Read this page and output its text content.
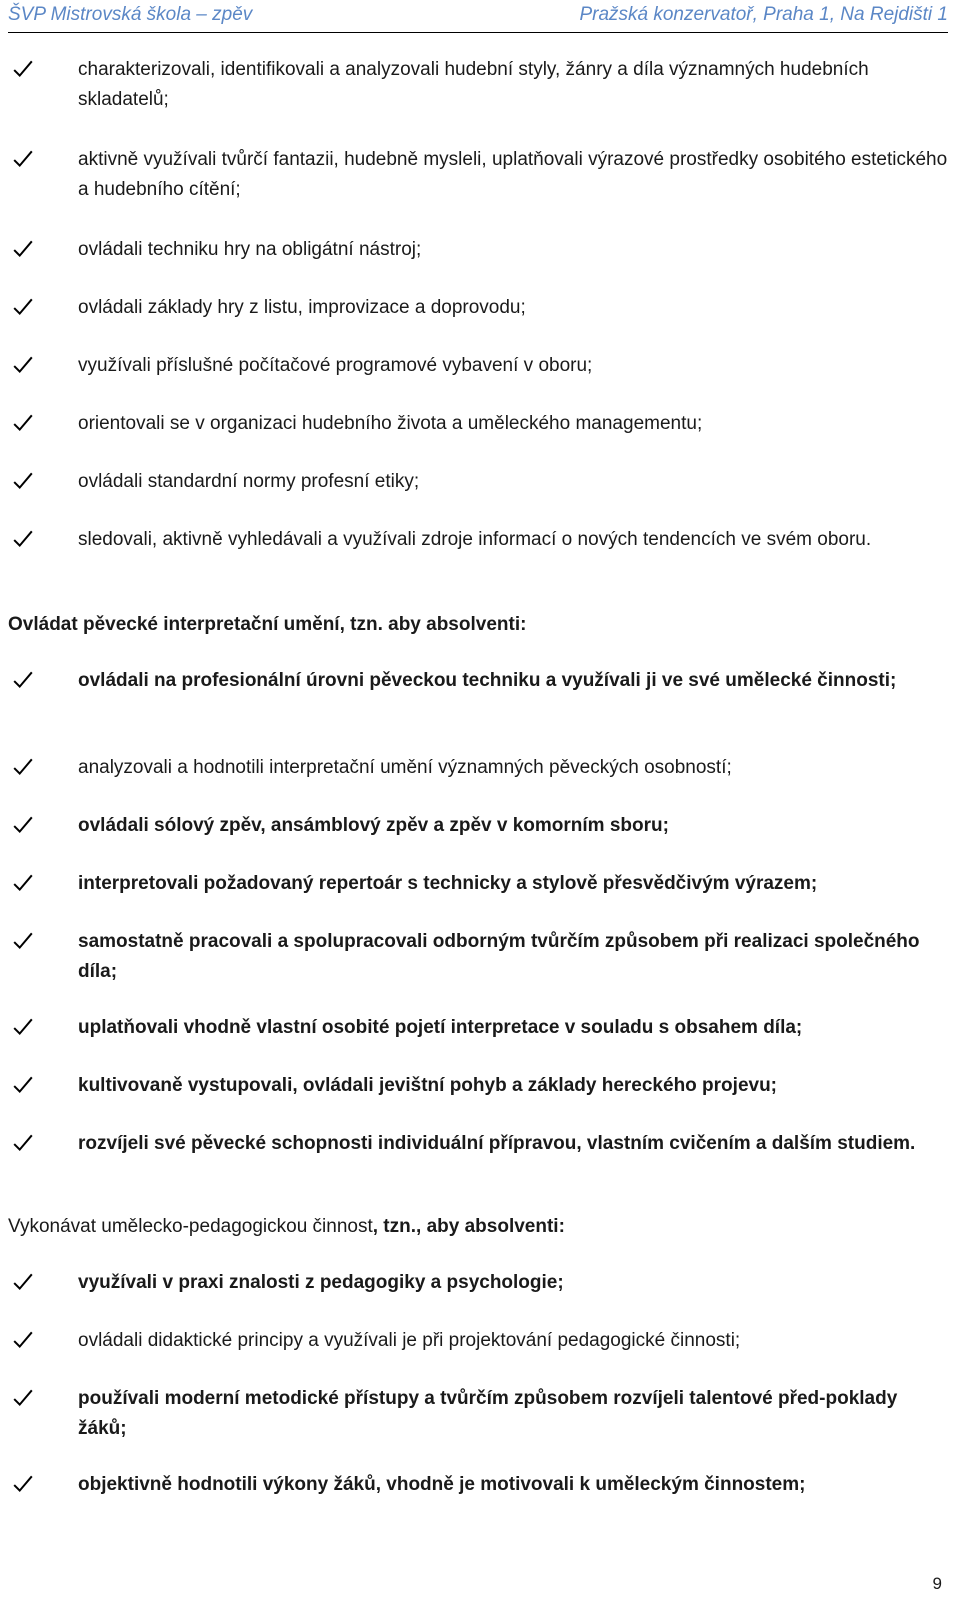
ŠVP Mistrovská škola – zpěv	Pražská konzervatoř, Praha 1, Na Rejdišti 1
charakterizovali, identifikovali a analyzovali hudební styly, žánry a díla významných hudebních skladatelů;
aktivně využívali tvůrčí fantazii, hudebně mysleli, uplatňovali výrazové prostředky osobitého estetického a hudebního cítění;
ovládali techniku hry na obligátní nástroj;
ovládali základy hry z listu, improvizace a doprovodu;
využívali příslušné počítačové programové vybavení v oboru;
orientovali se v organizaci hudebního života a uměleckého managementu;
ovládali standardní normy profesní etiky;
sledovali, aktivně vyhledávali a využívali zdroje informací o nových tendencích ve svém oboru.
Ovládat pěvecké interpretační umění, tzn. aby absolventi:
ovládali na profesionální úrovni pěveckou techniku a využívali ji ve své umělecké činnosti;
analyzovali a hodnotili interpretační umění významných pěveckých osobností;
ovládali sólový zpěv, ansámblový zpěv a zpěv v komorním sboru;
interpretovali požadovaný repertoár s technicky a stylově přesvědčivým výrazem;
samostatně pracovali a spolupracovali odborným tvůrčím způsobem při realizaci společného díla;
uplatňovali vhodně vlastní osobité pojetí interpretace v souladu s obsahem díla;
kultivovaně vystupovali, ovládali jevištní pohyb a základy hereckého projevu;
rozvíjeli své pěvecké schopnosti individuální přípravou, vlastním cvičením a dalším studiem.
Vykonávat umělecko-pedagogickou činnost, tzn., aby absolventi:
využívali v praxi znalosti z pedagogiky a psychologie;
ovládali didaktické principy a využívali je při projektování pedagogické činnosti;
používali moderní metodické přístupy a tvůrčím způsobem rozvíjeli talentové před-poklady žáků;
objektivně hodnotili výkony žáků, vhodně je motivovali k uměleckým činnostem;
9
